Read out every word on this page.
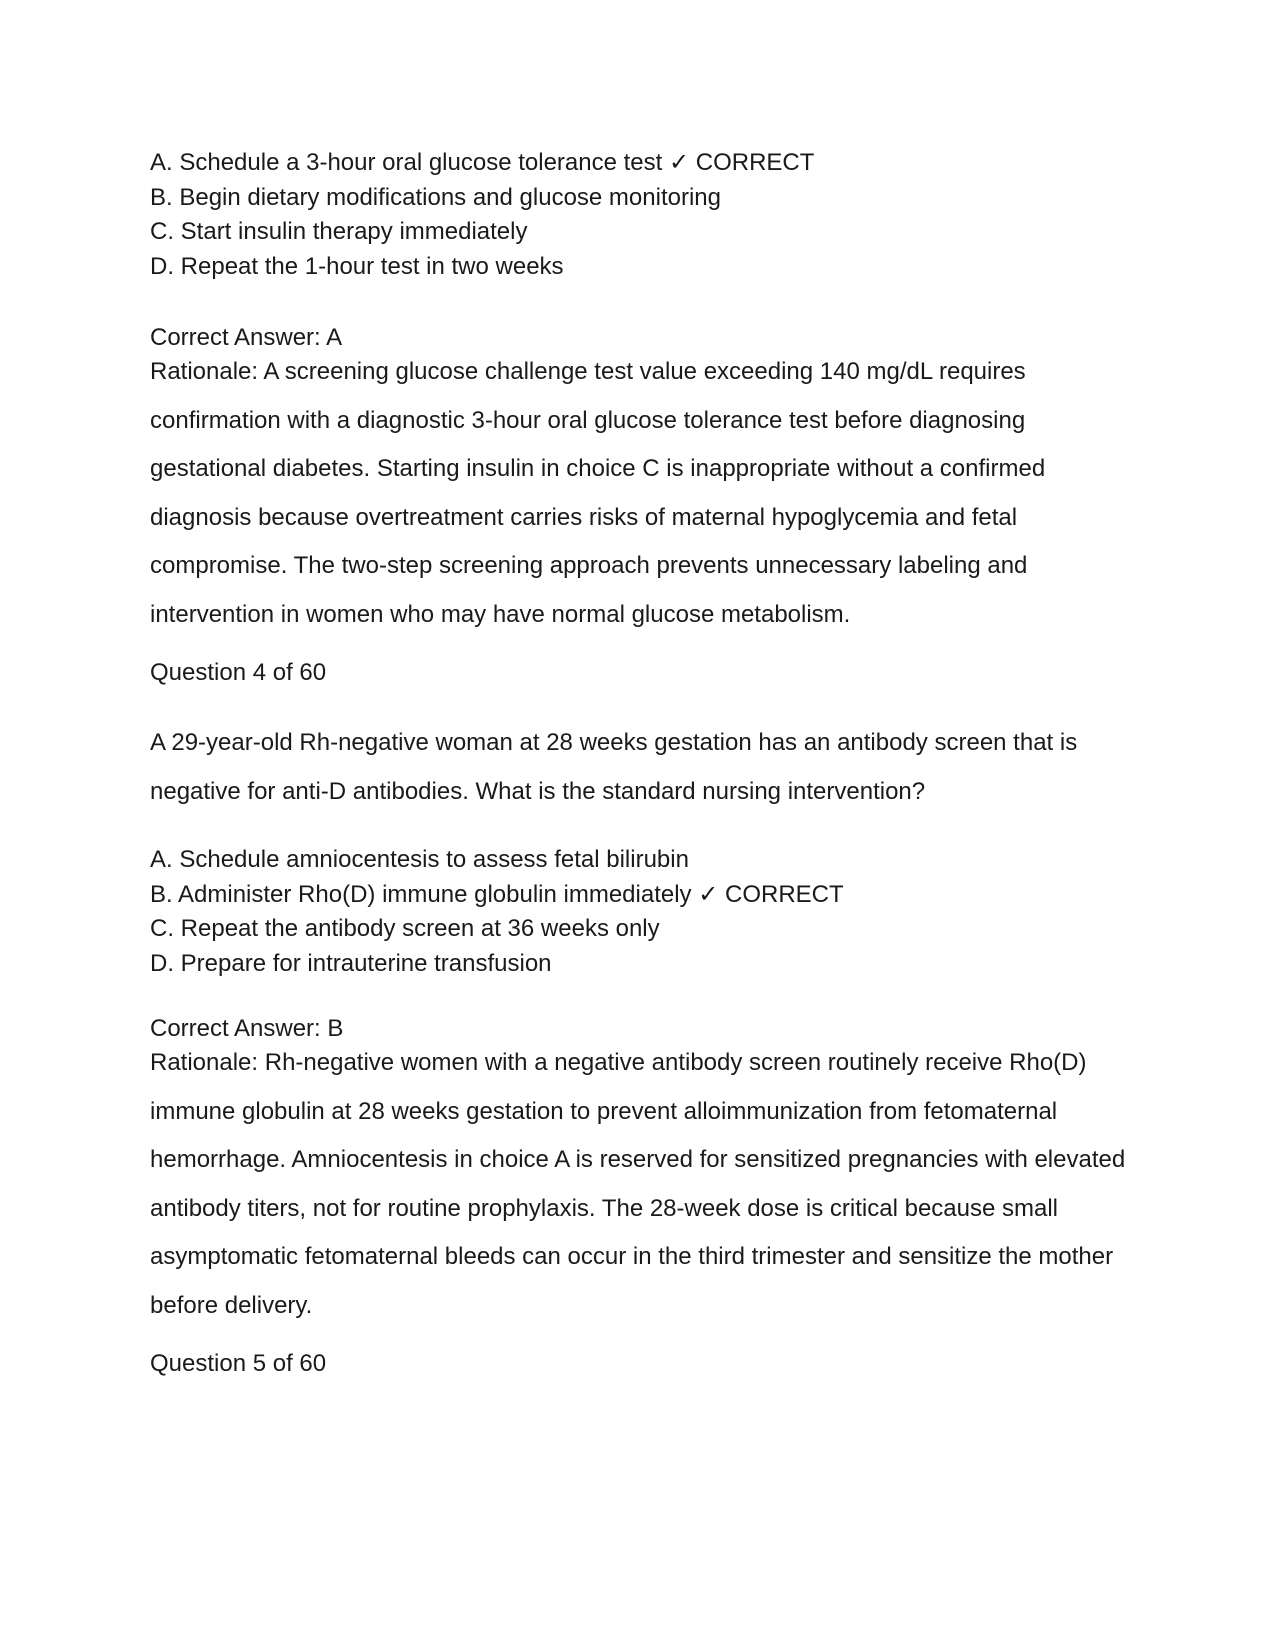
A. Schedule a 3-hour oral glucose tolerance test ✓ CORRECT
B. Begin dietary modifications and glucose monitoring
C. Start insulin therapy immediately
D. Repeat the 1-hour test in two weeks
Correct Answer: A
Rationale: A screening glucose challenge test value exceeding 140 mg/dL requires confirmation with a diagnostic 3-hour oral glucose tolerance test before diagnosing gestational diabetes. Starting insulin in choice C is inappropriate without a confirmed diagnosis because overtreatment carries risks of maternal hypoglycemia and fetal compromise. The two-step screening approach prevents unnecessary labeling and intervention in women who may have normal glucose metabolism.
Question 4 of 60
A 29-year-old Rh-negative woman at 28 weeks gestation has an antibody screen that is negative for anti-D antibodies. What is the standard nursing intervention?
A. Schedule amniocentesis to assess fetal bilirubin
B. Administer Rho(D) immune globulin immediately ✓ CORRECT
C. Repeat the antibody screen at 36 weeks only
D. Prepare for intrauterine transfusion
Correct Answer: B
Rationale: Rh-negative women with a negative antibody screen routinely receive Rho(D) immune globulin at 28 weeks gestation to prevent alloimmunization from fetomaternal hemorrhage. Amniocentesis in choice A is reserved for sensitized pregnancies with elevated antibody titers, not for routine prophylaxis. The 28-week dose is critical because small asymptomatic fetomaternal bleeds can occur in the third trimester and sensitize the mother before delivery.
Question 5 of 60
